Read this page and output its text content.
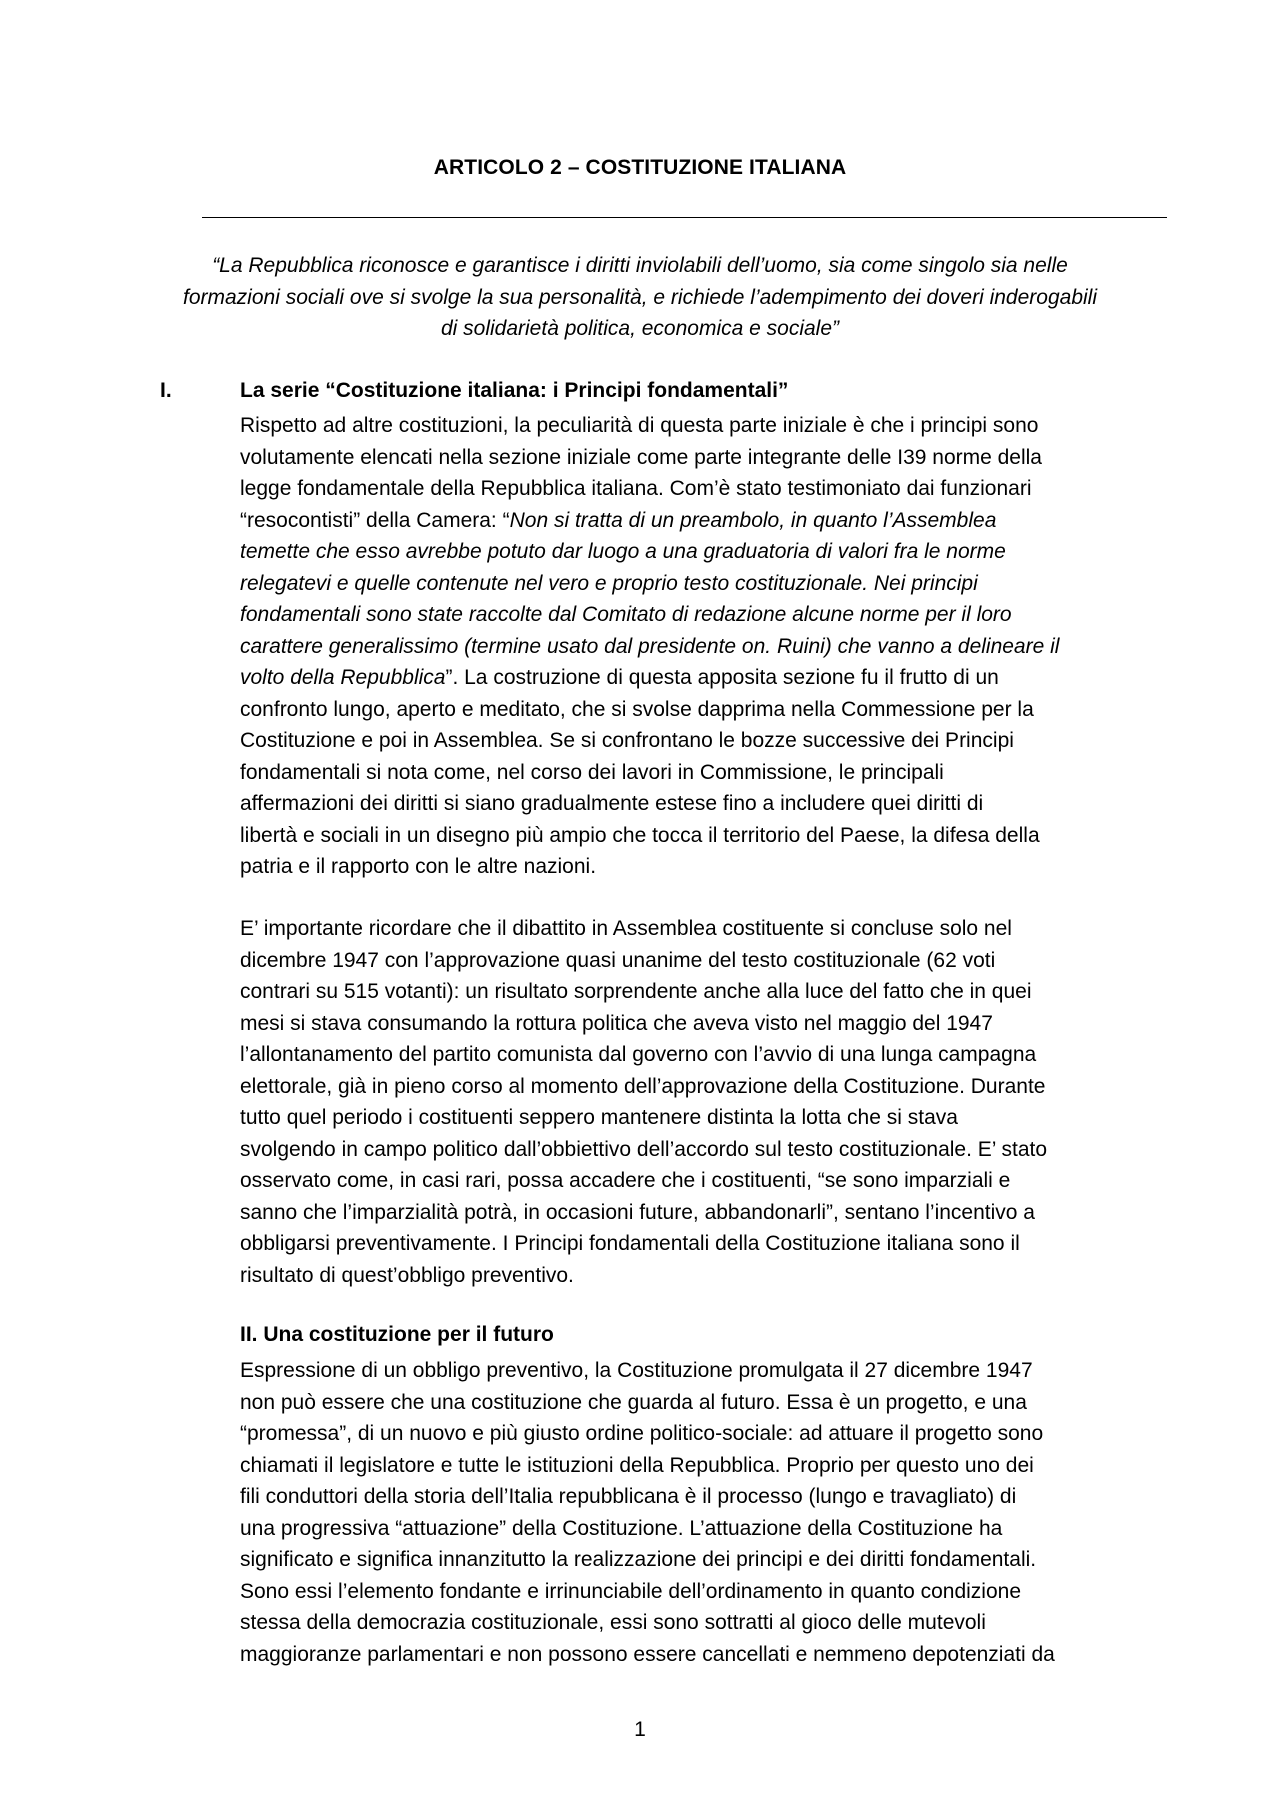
ARTICOLO 2 – COSTITUZIONE ITALIANA
“La Repubblica riconosce e garantisce i diritti inviolabili dell’uomo, sia come singolo sia nelle
formazioni sociali ove si svolge la sua personalità, e richiede l’adempimento dei doveri inderogabili
di solidarietà politica, economica e sociale”
I.	La serie “Costituzione italiana: i Principi fondamentali”
Rispetto ad altre costituzioni, la peculiarità di questa parte iniziale è che i principi sono
volutamente elencati nella sezione iniziale come parte integrante delle I39 norme della
legge fondamentale della Repubblica italiana. Com’è stato testimoniato dai funzionari
“resocontisti” della Camera: “Non si tratta di un preambolo, in quanto l’Assemblea
temette che esso avrebbe potuto dar luogo a una graduatoria di valori fra le norme
relegatevi e quelle contenute nel vero e proprio testo costituzionale. Nei principi
fondamentali sono state raccolte dal Comitato di redazione alcune norme per il loro
carattere generalissimo (termine usato dal presidente on. Ruini) che vanno a delineare il
volto della Repubblica”. La costruzione di questa apposita sezione fu il frutto di un
confronto lungo, aperto e meditato, che si svolse dapprima nella Commessione per la
Costituzione e poi in Assemblea. Se si confrontano le bozze successive dei Principi
fondamentali si nota come, nel corso dei lavori in Commissione, le principali
affermazioni dei diritti si siano gradualmente estese fino a includere quei diritti di
libertà e sociali in un disegno più ampio che tocca il territorio del Paese, la difesa della
patria e il rapporto con le altre nazioni.
E’ importante ricordare che il dibattito in Assemblea costituente si concluse solo nel
dicembre 1947 con l’approvazione quasi unanime del testo costituzionale (62 voti
contrari su 515 votanti): un risultato sorprendente anche alla luce del fatto che in quei
mesi si stava consumando la rottura politica che aveva visto nel maggio del 1947
l’allontanamento del partito comunista dal governo con l’avvio di una lunga campagna
elettorale, già in pieno corso al momento dell’approvazione della Costituzione. Durante
tutto quel periodo i costituenti seppero mantenere distinta la lotta che si stava
svolgendo in campo politico dall’obbiettivo dell’accordo sul testo costituzionale. E’ stato
osservato come, in casi rari, possa accadere che i costituenti, “se sono imparziali e
sanno che l’imparzialità potrà, in occasioni future, abbandonarli”, sentano l’incentivo a
obbligarsi preventivamente. I Principi fondamentali della Costituzione italiana sono il
risultato di quest’obbligo preventivo.
II. Una costituzione per il futuro
Espressione di un obbligo preventivo, la Costituzione promulgata il 27 dicembre 1947
non può essere che una costituzione che guarda al futuro. Essa è un progetto, e una
“promessa”, di un nuovo e più giusto ordine politico-sociale: ad attuare il progetto sono
chiamati il legislatore e tutte le istituzioni della Repubblica. Proprio per questo uno dei
fili conduttori della storia dell’Italia repubblicana è il processo (lungo e travagliato) di
una progressiva “attuazione” della Costituzione. L’attuazione della Costituzione ha
significato e significa innanzitutto la realizzazione dei principi e dei diritti fondamentali.
Sono essi l’elemento fondante e irrinunciabile dell’ordinamento in quanto condizione
stessa della democrazia costituzionale, essi sono sottratti al gioco delle mutevoli
maggioranze parlamentari e non possono essere cancellati e nemmeno depotenziati da
1
